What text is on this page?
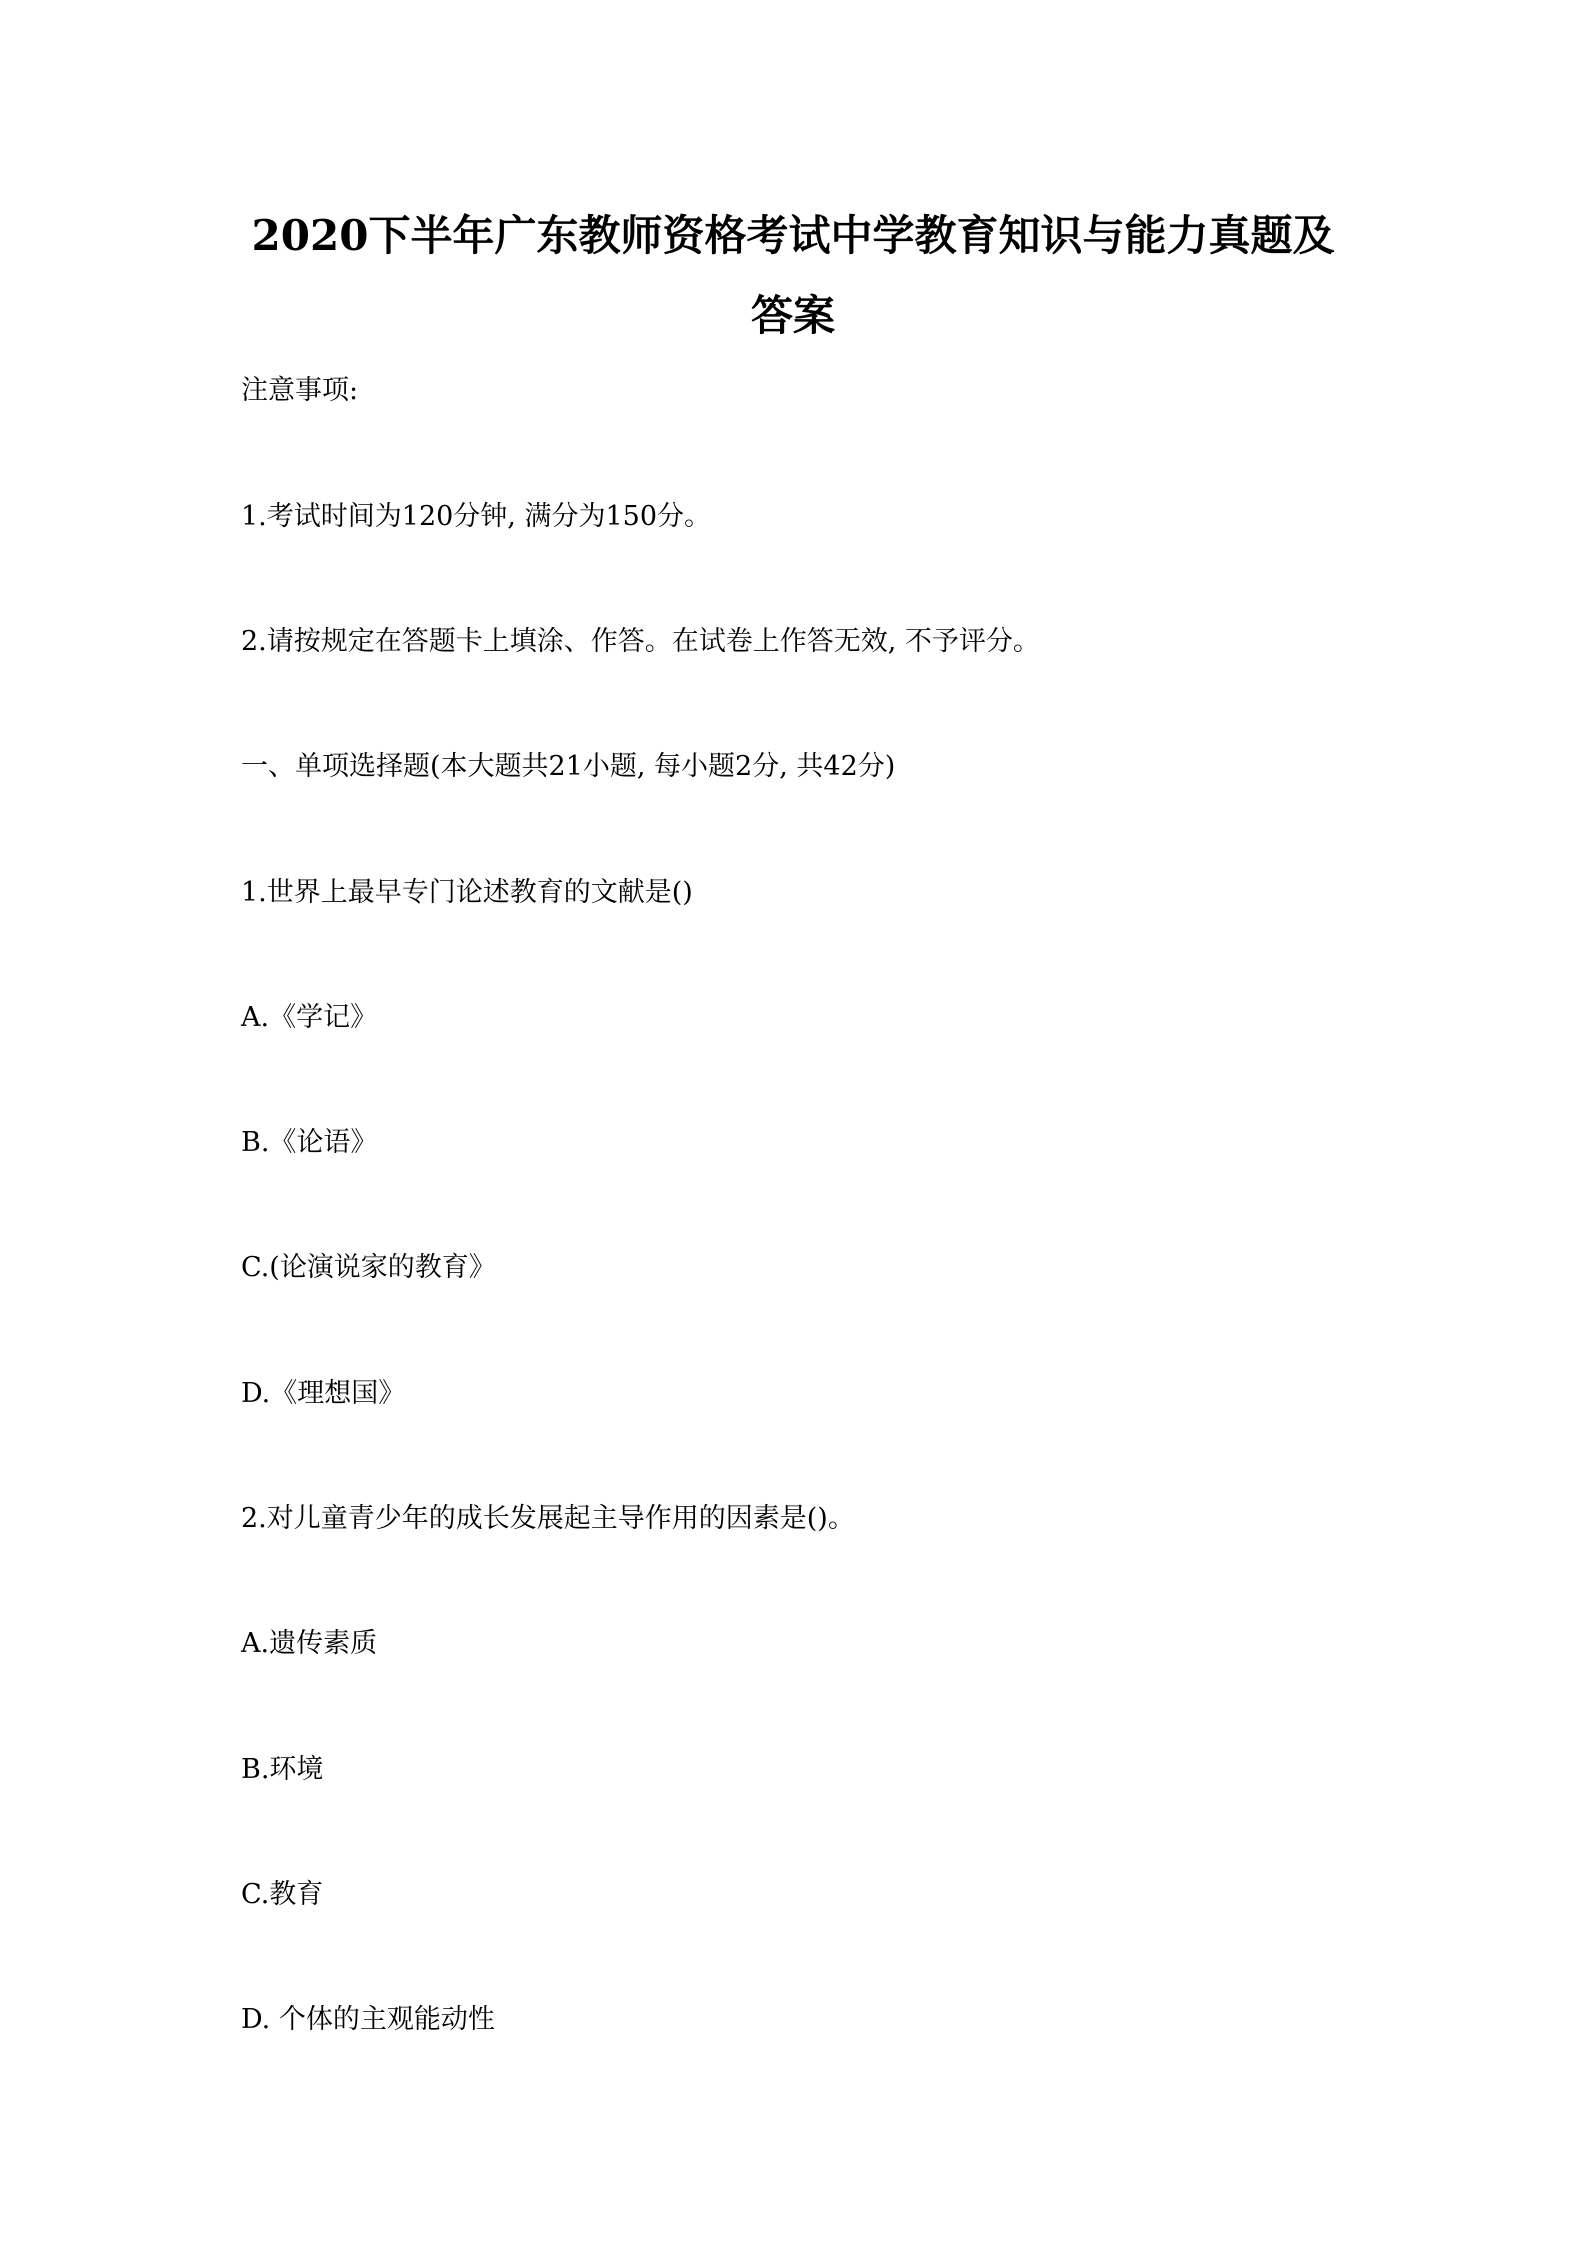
2020下半年广东教师资格考试中学教育知识与能力真题及
答案
注意事项:
1.考试时间为120分钟, 满分为150分。
2.请按规定在答题卡上填涂、作答。在试卷上作答无效, 不予评分。
一、单项选择题(本大题共21小题, 每小题2分, 共42分)
1.世界上最早专门论述教育的文献是()
A.《学记》
B.《论语》
C.(论演说家的教育》
D.《理想国》
2.对儿童青少年的成长发展起主导作用的因素是()。
A.遗传素质
B.环境
C.教育
D. 个体的主观能动性
